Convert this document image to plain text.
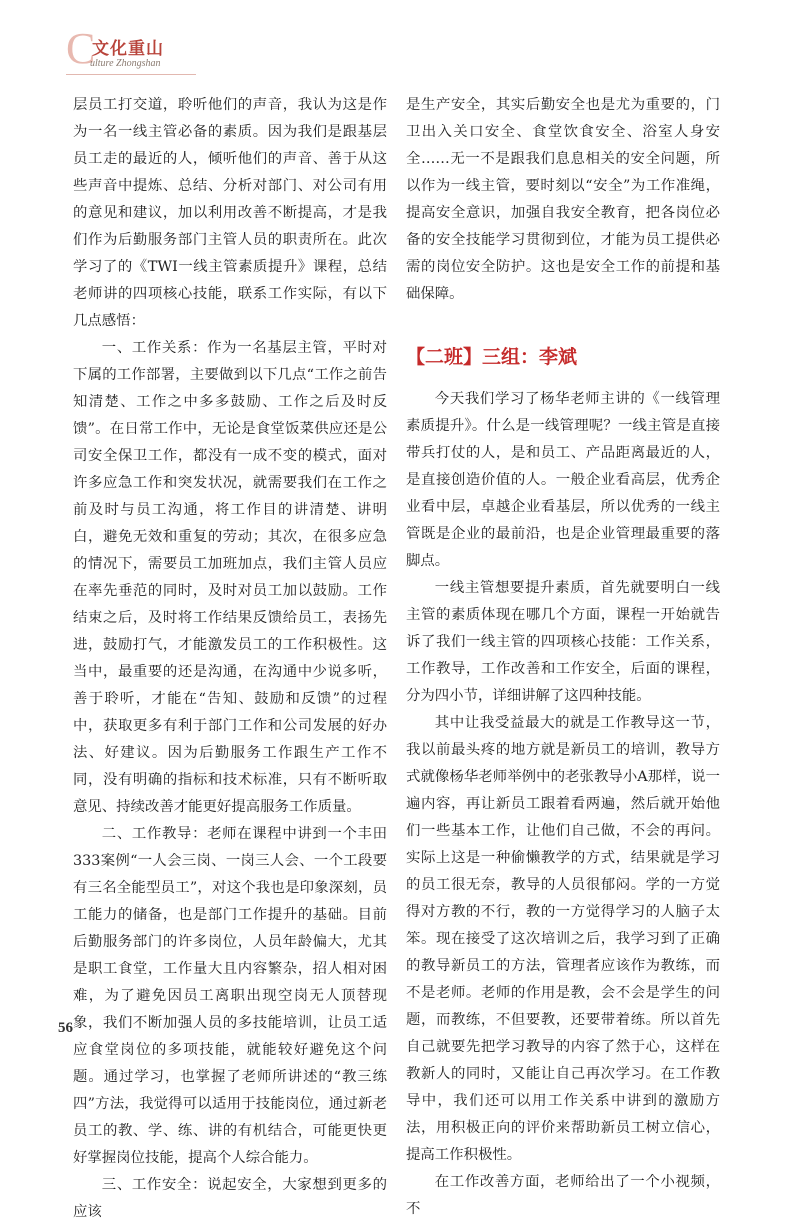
C
文化重山
ulture Zhongshan

层员工打交道，聆听他们的声音，我认为这是作为一名一线主管必备的素质。因为我们是跟基层员工走的最近的人，倾听他们的声音、善于从这些声音中提炼、总结、分析对部门、对公司有用的意见和建议，加以利用改善不断提高，才是我们作为后勤服务部门主管人员的职责所在。此次学习了的《TWI一线主管素质提升》课程，总结老师讲的四项核心技能，联系工作实际，有以下几点感悟：

一、工作关系：作为一名基层主管，平时对下属的工作部署，主要做到以下几点“工作之前告知清楚、工作之中多多鼓励、工作之后及时反馈”。在日常工作中，无论是食堂饭菜供应还是公司安全保卫工作，都没有一成不变的模式，面对许多应急工作和突发状况，就需要我们在工作之前及时与员工沟通，将工作目的讲清楚、讲明白，避免无效和重复的劳动；其次，在很多应急的情况下，需要员工加班加点，我们主管人员应在率先垂范的同时，及时对员工加以鼓励。工作结束之后，及时将工作结果反馈给员工，表扬先进，鼓励打气，才能激发员工的工作积极性。这当中，最重要的还是沟通，在沟通中少说多听，善于聆听，才能在“告知、鼓励和反馈”的过程中，获取更多有利于部门工作和公司发展的好办法、好建议。因为后勤服务工作跟生产工作不同，没有明确的指标和技术标准，只有不断听取意见、持续改善才能更好提高服务工作质量。

二、工作教导：老师在课程中讲到一个丰田333案例“一人会三岗、一岗三人会、一个工段要有三名全能型员工”，对这个我也是印象深刻，员工能力的储备，也是部门工作提升的基础。目前后勤服务部门的许多岗位，人员年龄偏大，尤其是职工食堂，工作量大且内容繁杂，招人相对困难，为了避免因员工离职出现空岗无人顶替现象，我们不断加强人员的多技能培训，让员工适应食堂岗位的多项技能，就能较好避免这个问题。通过学习，也掌握了老师所讲述的“教三练四”方法，我觉得可以适用于技能岗位，通过新老员工的教、学、练、讲的有机结合，可能更快更好掌握岗位技能，提高个人综合能力。

三、工作安全：说起安全，大家想到更多的应该

是生产安全，其实后勤安全也是尤为重要的，门卫出入关口安全、食堂饮食安全、浴室人身安全……无一不是跟我们息息相关的安全问题，所以作为一线主管，要时刻以“安全”为工作准绳，提高安全意识，加强自我安全教育，把各岗位必备的安全技能学习贯彻到位，才能为员工提供必需的岗位安全防护。这也是安全工作的前提和基础保障。

【二班】三组：李斌

今天我们学习了杨华老师主讲的《一线管理素质提升》。什么是一线管理呢？一线主管是直接带兵打仗的人，是和员工、产品距离最近的人，是直接创造价值的人。一般企业看高层，优秀企业看中层，卓越企业看基层，所以优秀的一线主管既是企业的最前沿，也是企业管理最重要的落脚点。

一线主管想要提升素质，首先就要明白一线主管的素质体现在哪几个方面，课程一开始就告诉了我们一线主管的四项核心技能：工作关系，工作教导，工作改善和工作安全，后面的课程，分为四小节，详细讲解了这四种技能。

其中让我受益最大的就是工作教导这一节，我以前最头疼的地方就是新员工的培训，教导方式就像杨华老师举例中的老张教导小A那样，说一遍内容，再让新员工跟着看两遍，然后就开始他们一些基本工作，让他们自己做，不会的再问。实际上这是一种偷懒教学的方式，结果就是学习的员工很无奈，教导的人员很郁闷。学的一方觉得对方教的不行，教的一方觉得学习的人脑子太笨。现在接受了这次培训之后，我学习到了正确的教导新员工的方法，管理者应该作为教练，而不是老师。老师的作用是教，会不会是学生的问题，而教练，不但要教，还要带着练。所以首先自己就要先把学习教导的内容了然于心，这样在教新人的同时，又能让自己再次学习。在工作教导中，我们还可以用工作关系中讲到的激励方法，用积极正向的评价来帮助新员工树立信心，提高工作积极性。

在工作改善方面，老师给出了一个小视频，不

56
